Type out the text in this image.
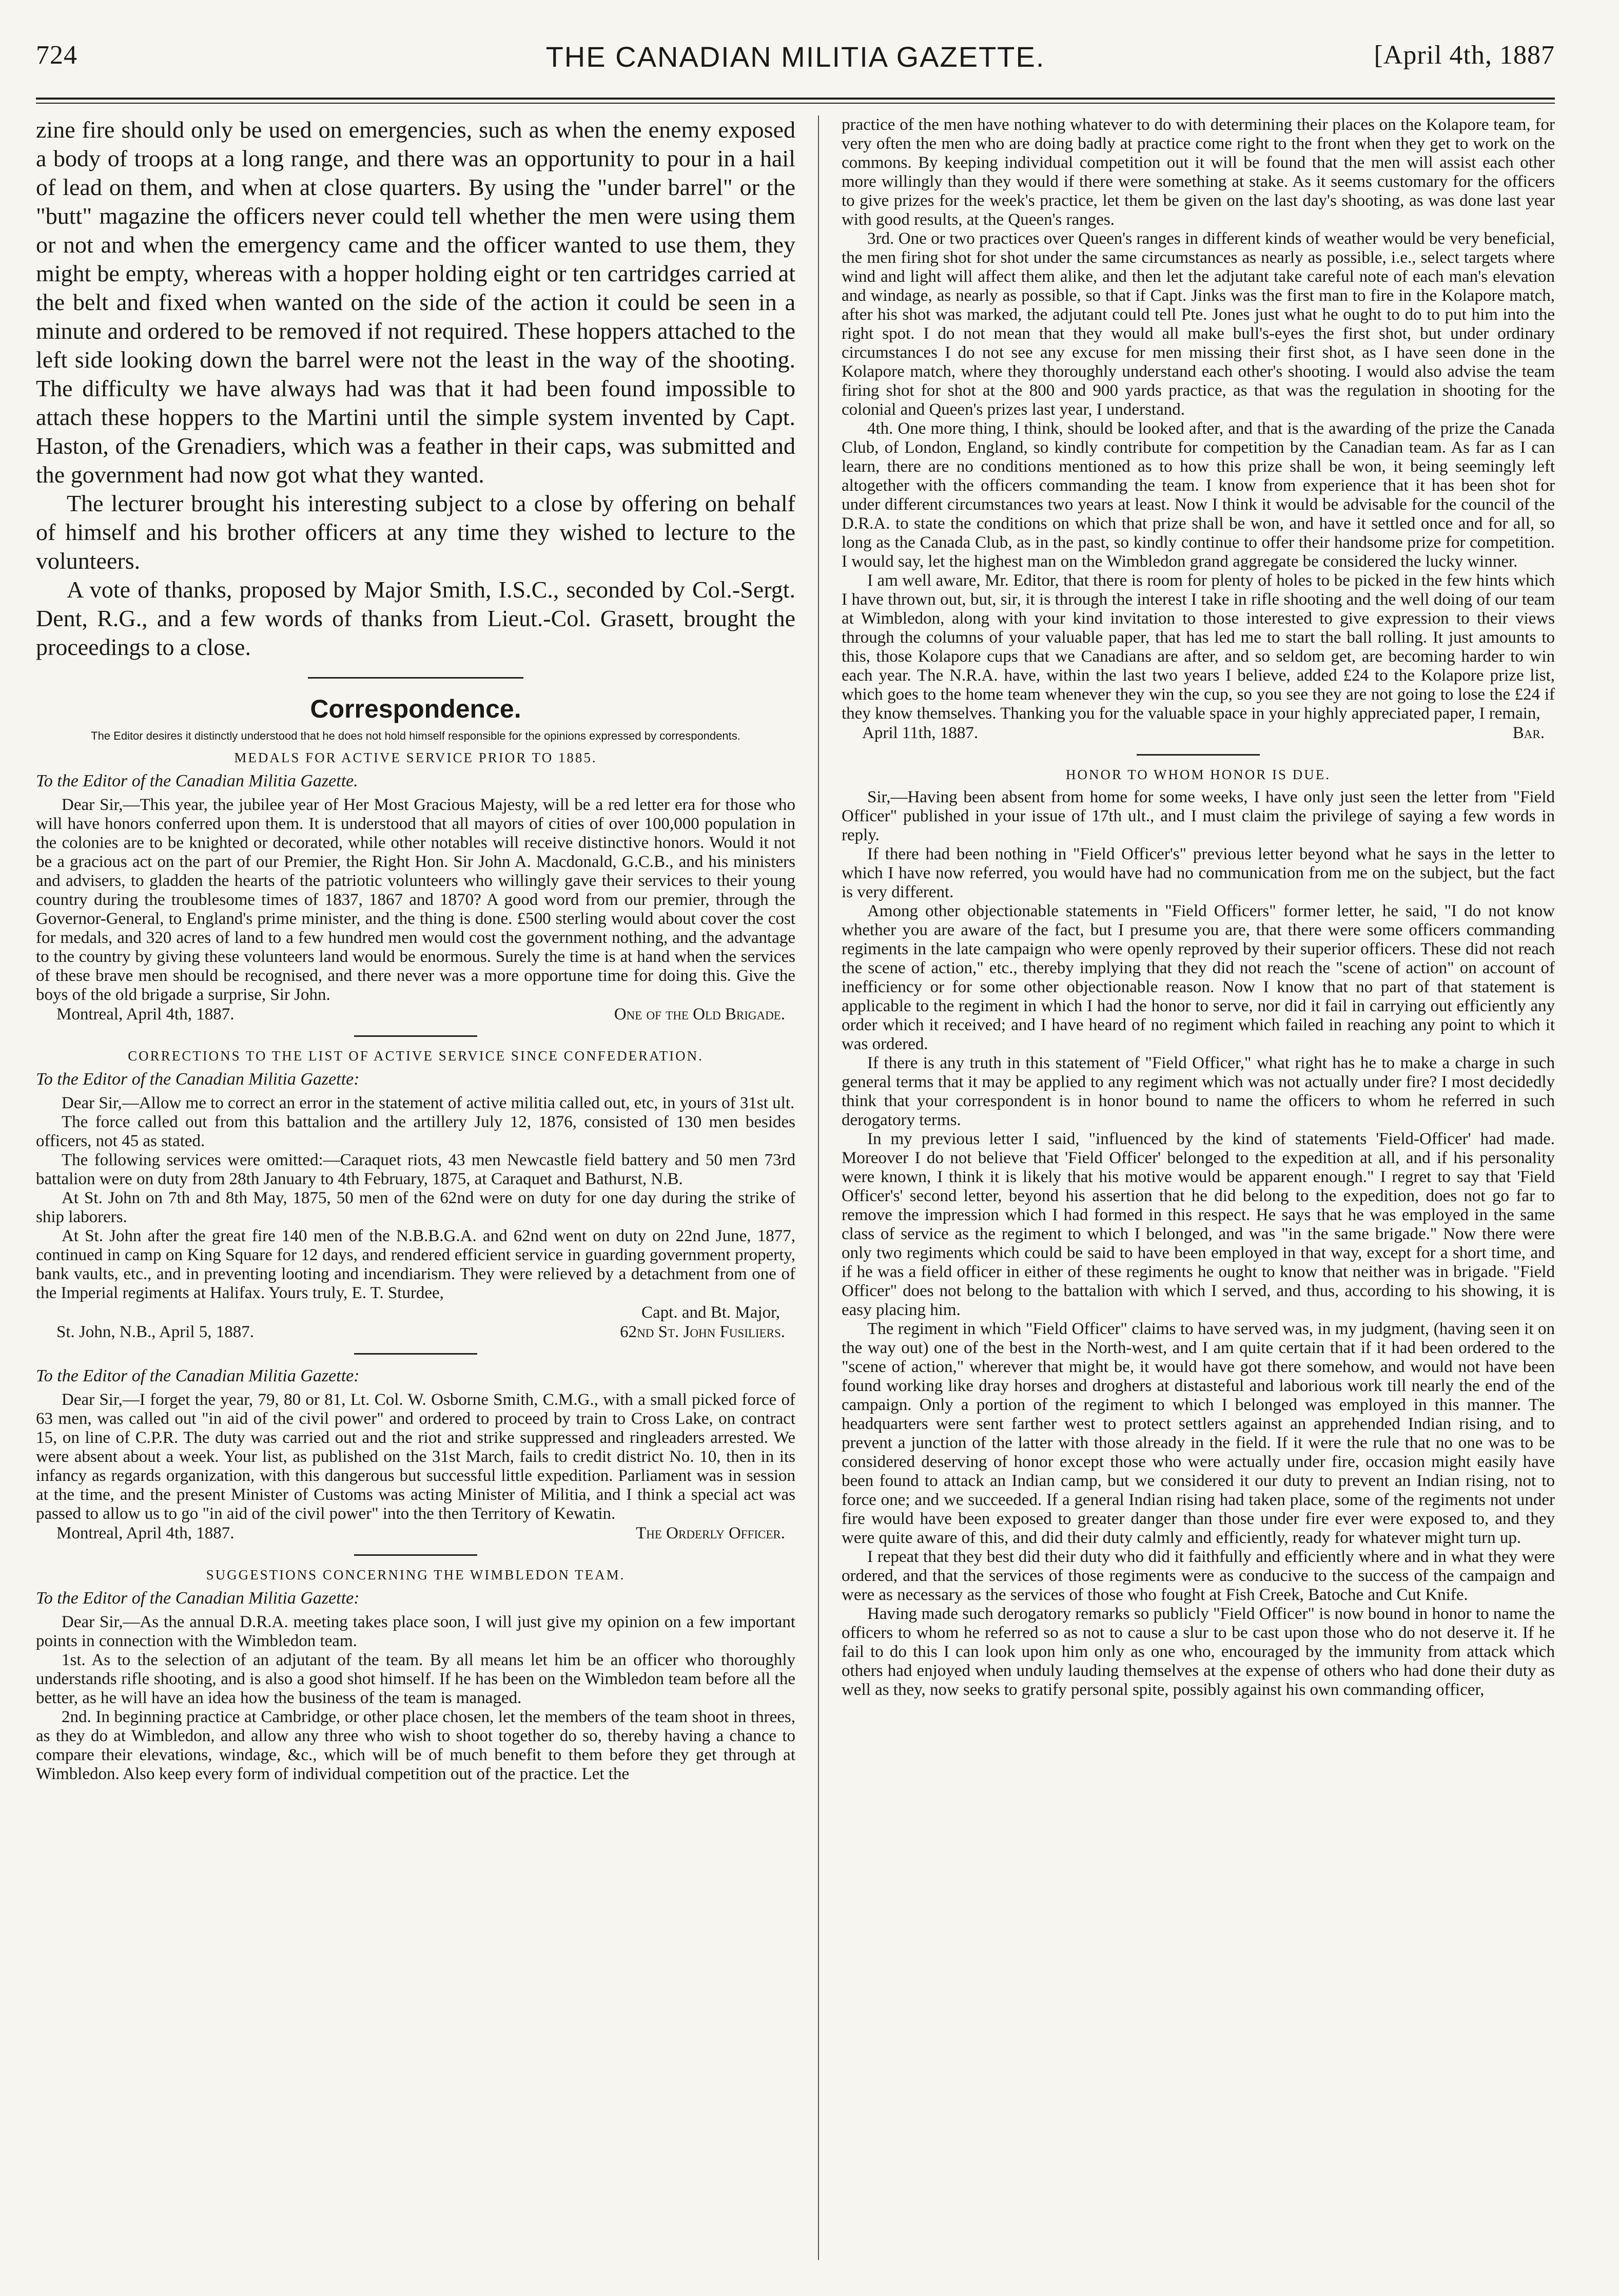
724	THE CANADIAN MILITIA GAZETTE.	[April 4th, 1887

zine fire should only be used on emergencies, such as when the enemy exposed a body of troops at a long range, and there was an opportunity to pour in a hail of lead on them, and when at close quarters. By using the "under barrel" or the "butt" magazine the officers never could tell whether the men were using them or not and when the emergency came and the officer wanted to use them, they might be empty, whereas with a hopper holding eight or ten cartridges carried at the belt and fixed when wanted on the side of the action it could be seen in a minute and ordered to be removed if not required. These hoppers attached to the left side looking down the barrel were not the least in the way of the shooting. The difficulty we have always had was that it had been found impossible to attach these hoppers to the Martini until the simple system invented by Capt. Haston, of the Grenadiers, which was a feather in their caps, was submitted and the government had now got what they wanted.

The lecturer brought his interesting subject to a close by offering on behalf of himself and his brother officers at any time they wished to lecture to the volunteers.

A vote of thanks, proposed by Major Smith, I.S.C., seconded by Col.-Sergt. Dent, R.G., and a few words of thanks from Lieut.-Col. Grasett, brought the proceedings to a close.

Correspondence.
The Editor desires it distinctly understood that he does not hold himself responsible for the opinions expressed by correspondents.
MEDALS FOR ACTIVE SERVICE PRIOR TO 1885.
To the Editor of the Canadian Militia Gazette.

Dear Sir,—This year, the jubilee year of Her Most Gracious Majesty, will be a red letter era for those who will have honors conferred upon them. It is understood that all mayors of cities of over 100,000 population in the colonies are to be knighted or decorated, while other notables will receive distinctive honors. Would it not be a gracious act on the part of our Premier, the Right Hon. Sir John A. Macdonald, G.C.B., and his ministers and advisers, to gladden the hearts of the patriotic volunteers who willingly gave their services to their young country during the troublesome times of 1837, 1867 and 1870? A good word from our premier, through the Governor-General, to England's prime minister, and the thing is done. £500 sterling would about cover the cost for medals, and 320 acres of land to a few hundred men would cost the government nothing, and the advantage to the country by giving these volunteers land would be enormous. Surely the time is at hand when the services of these brave men should be recognised, and there never was a more opportune time for doing this. Give the boys of the old brigade a surprise, Sir John.

Montreal, April 4th, 1887.	One of the Old Brigade.
CORRECTIONS TO THE LIST OF ACTIVE SERVICE SINCE CONFEDERATION.
To the Editor of the Canadian Militia Gazette:

Dear Sir,—Allow me to correct an error in the statement of active militia called out, etc, in yours of 31st ult.

The force called out from this battalion and the artillery July 12, 1876, consisted of 130 men besides officers, not 45 as stated.

The following services were omitted:—Caraquet riots, 43 men Newcastle field battery and 50 men 73rd battalion were on duty from 28th January to 4th February, 1875, at Caraquet and Bathurst, N.B.

At St. John on 7th and 8th May, 1875, 50 men of the 62nd were on duty for one day during the strike of ship laborers.

At St. John after the great fire 140 men of the N.B.B.G.A. and 62nd went on duty on 22nd June, 1877, continued in camp on King Square for 12 days, and rendered efficient service in guarding government property, bank vaults, etc., and in preventing looting and incendiarism. They were relieved by a detachment from one of the Imperial regiments at Halifax. Yours truly, E. T. Sturdee,

Capt. and Bt. Major,
St. John, N.B., April 5, 1887.	62nd St. John Fusiliers.
To the Editor of the Canadian Militia Gazette:

Dear Sir,—I forget the year, 79, 80 or 81, Lt. Col. W. Osborne Smith, C.M.G., with a small picked force of 63 men, was called out "in aid of the civil power" and ordered to proceed by train to Cross Lake, on contract 15, on line of C.P.R. The duty was carried out and the riot and strike suppressed and ringleaders arrested. We were absent about a week. Your list, as published on the 31st March, fails to credit district No. 10, then in its infancy as regards organization, with this dangerous but successful little expedition. Parliament was in session at the time, and the present Minister of Customs was acting Minister of Militia, and I think a special act was passed to allow us to go "in aid of the civil power" into the then Territory of Kewatin.

Montreal, April 4th, 1887.	The Orderly Officer.
SUGGESTIONS CONCERNING THE WIMBLEDON TEAM.
To the Editor of the Canadian Militia Gazette:

Dear Sir,—As the annual D.R.A. meeting takes place soon, I will just give my opinion on a few important points in connection with the Wimbledon team.

1st. As to the selection of an adjutant of the team. By all means let him be an officer who thoroughly understands rifle shooting, and is also a good shot himself. If he has been on the Wimbledon team before all the better, as he will have an idea how the business of the team is managed.

2nd. In beginning practice at Cambridge, or other place chosen, let the members of the team shoot in threes, as they do at Wimbledon, and allow any three who wish to shoot together do so, thereby having a chance to compare their elevations, windage, &c., which will be of much benefit to them before they get through at Wimbledon. Also keep every form of individual competition out of the practice. Let the

practice of the men have nothing whatever to do with determining their places on the Kolapore team, for very often the men who are doing badly at practice come right to the front when they get to work on the commons. By keeping individual competition out it will be found that the men will assist each other more willingly than they would if there were something at stake. As it seems customary for the officers to give prizes for the week's practice, let them be given on the last day's shooting, as was done last year with good results, at the Queen's ranges.

3rd. One or two practices over Queen's ranges in different kinds of weather would be very beneficial, the men firing shot for shot under the same circumstances as nearly as possible, i.e., select targets where wind and light will affect them alike, and then let the adjutant take careful note of each man's elevation and windage, as nearly as possible, so that if Capt. Jinks was the first man to fire in the Kolapore match, after his shot was marked, the adjutant could tell Pte. Jones just what he ought to do to put him into the right spot. I do not mean that they would all make bull's-eyes the first shot, but under ordinary circumstances I do not see any excuse for men missing their first shot, as I have seen done in the Kolapore match, where they thoroughly understand each other's shooting. I would also advise the team firing shot for shot at the 800 and 900 yards practice, as that was the regulation in shooting for the colonial and Queen's prizes last year, I understand.

4th. One more thing, I think, should be looked after, and that is the awarding of the prize the Canada Club, of London, England, so kindly contribute for competition by the Canadian team. As far as I can learn, there are no conditions mentioned as to how this prize shall be won, it being seemingly left altogether with the officers commanding the team. I know from experience that it has been shot for under different circumstances two years at least. Now I think it would be advisable for the council of the D.R.A. to state the conditions on which that prize shall be won, and have it settled once and for all, so long as the Canada Club, as in the past, so kindly continue to offer their handsome prize for competition. I would say, let the highest man on the Wimbledon grand aggregate be considered the lucky winner.

I am well aware, Mr. Editor, that there is room for plenty of holes to be picked in the few hints which I have thrown out, but, sir, it is through the interest I take in rifle shooting and the well doing of our team at Wimbledon, along with your kind invitation to those interested to give expression to their views through the columns of your valuable paper, that has led me to start the ball rolling. It just amounts to this, those Kolapore cups that we Canadians are after, and so seldom get, are becoming harder to win each year. The N.R.A. have, within the last two years I believe, added £24 to the Kolapore prize list, which goes to the home team whenever they win the cup, so you see they are not going to lose the £24 if they know themselves. Thanking you for the valuable space in your highly appreciated paper, I remain,

April 11th, 1887.	Bar.
HONOR TO WHOM HONOR IS DUE.

Sir,—Having been absent from home for some weeks, I have only just seen the letter from "Field Officer" published in your issue of 17th ult., and I must claim the privilege of saying a few words in reply.

If there had been nothing in "Field Officer's" previous letter beyond what he says in the letter to which I have now referred, you would have had no communication from me on the subject, but the fact is very different.

Among other objectionable statements in "Field Officers" former letter, he said, "I do not know whether you are aware of the fact, but I presume you are, that there were some officers commanding regiments in the late campaign who were openly reproved by their superior officers. These did not reach the scene of action," etc., thereby implying that they did not reach the "scene of action" on account of inefficiency or for some other objectionable reason. Now I know that no part of that statement is applicable to the regiment in which I had the honor to serve, nor did it fail in carrying out efficiently any order which it received; and I have heard of no regiment which failed in reaching any point to which it was ordered.

If there is any truth in this statement of "Field Officer," what right has he to make a charge in such general terms that it may be applied to any regiment which was not actually under fire? I most decidedly think that your correspondent is in honor bound to name the officers to whom he referred in such derogatory terms.

In my previous letter I said, "influenced by the kind of statements 'Field-Officer' had made. Moreover I do not believe that 'Field Officer' belonged to the expedition at all, and if his personality were known, I think it is likely that his motive would be apparent enough." I regret to say that 'Field Officer's' second letter, beyond his assertion that he did belong to the expedition, does not go far to remove the impression which I had formed in this respect. He says that he was employed in the same class of service as the regiment to which I belonged, and was "in the same brigade." Now there were only two regiments which could be said to have been employed in that way, except for a short time, and if he was a field officer in either of these regiments he ought to know that neither was in brigade. "Field Officer" does not belong to the battalion with which I served, and thus, according to his showing, it is easy placing him.

The regiment in which "Field Officer" claims to have served was, in my judgment, (having seen it on the way out) one of the best in the North-west, and I am quite certain that if it had been ordered to the "scene of action," wherever that might be, it would have got there somehow, and would not have been found working like dray horses and droghers at distasteful and laborious work till nearly the end of the campaign. Only a portion of the regiment to which I belonged was employed in this manner. The headquarters were sent farther west to protect settlers against an apprehended Indian rising, and to prevent a junction of the latter with those already in the field. If it were the rule that no one was to be considered deserving of honor except those who were actually under fire, occasion might easily have been found to attack an Indian camp, but we considered it our duty to prevent an Indian rising, not to force one; and we succeeded. If a general Indian rising had taken place, some of the regiments not under fire would have been exposed to greater danger than those under fire ever were exposed to, and they were quite aware of this, and did their duty calmly and efficiently, ready for whatever might turn up.

I repeat that they best did their duty who did it faithfully and efficiently where and in what they were ordered, and that the services of those regiments were as conducive to the success of the campaign and were as necessary as the services of those who fought at Fish Creek, Batoche and Cut Knife.

Having made such derogatory remarks so publicly "Field Officer" is now bound in honor to name the officers to whom he referred so as not to cause a slur to be cast upon those who do not deserve it. If he fail to do this I can look upon him only as one who, encouraged by the immunity from attack which others had enjoyed when unduly lauding themselves at the expense of others who had done their duty as well as they, now seeks to gratify personal spite, possibly against his own commanding officer,
